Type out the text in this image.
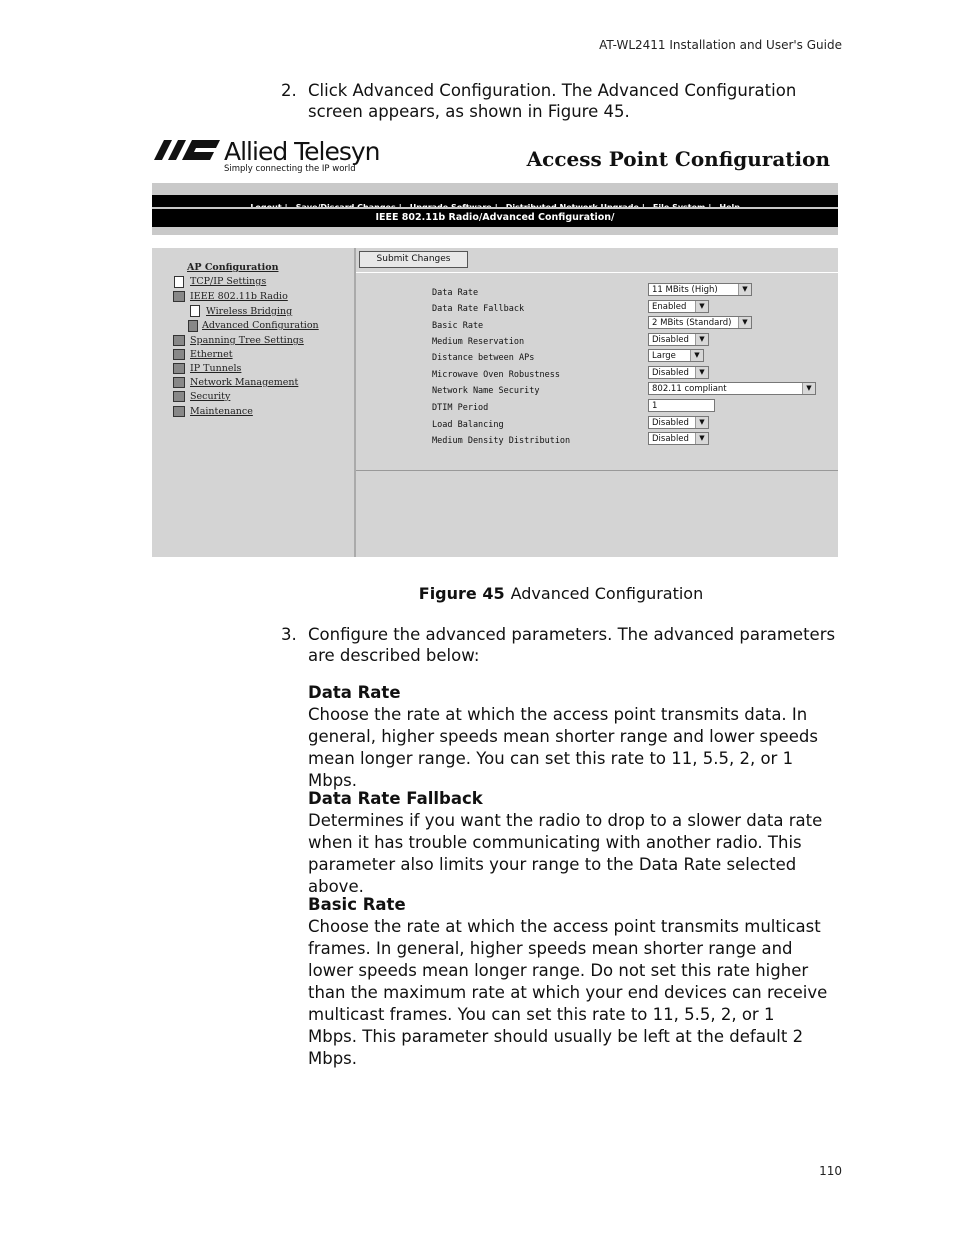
AT-WL2411 Installation and User's Guide
2. Click Advanced Configuration. The Advanced Configuration screen appears, as shown in Figure 45.
Allied Telesyn
Simply connecting the IP world	Access Point Configuration
IEEE 802.11b Radio/Advanced Configuration/
AP Configuration
TCP/IP Settings
IEEE 802.11b Radio
Wireless Bridging
Advanced Configuration
Spanning Tree Settings
Ethernet
IP Tunnels
Network Management
Security
Maintenance
Submit Changes
Data Rate	11 MBits (High)	▼
Data Rate Fallback	Enabled	▼
Basic Rate	2 MBits (Standard)	▼
Medium Reservation	Disabled	▼
Distance between APs	Large	▼
Microwave Oven Robustness	Disabled	▼
Network Name Security	802.11 compliant	▼
DTIM Period	1
Load Balancing	Disabled	▼
Medium Density Distribution	Disabled	▼
Figure 45 Advanced Configuration
3. Configure the advanced parameters. The advanced parameters are described below:
Data Rate
Choose the rate at which the access point transmits data. In general, higher speeds mean shorter range and lower speeds mean longer range. You can set this rate to 11, 5.5, 2, or 1 Mbps.
Data Rate Fallback
Determines if you want the radio to drop to a slower data rate when it has trouble communicating with another radio. This parameter also limits your range to the Data Rate selected above.
Basic Rate
Choose the rate at which the access point transmits multicast frames. In general, higher speeds mean shorter range and lower speeds mean longer range. Do not set this rate higher than the maximum rate at which your end devices can receive multicast frames. You can set this rate to 11, 5.5, 2, or 1 Mbps. This parameter should usually be left at the default 2 Mbps.
110
